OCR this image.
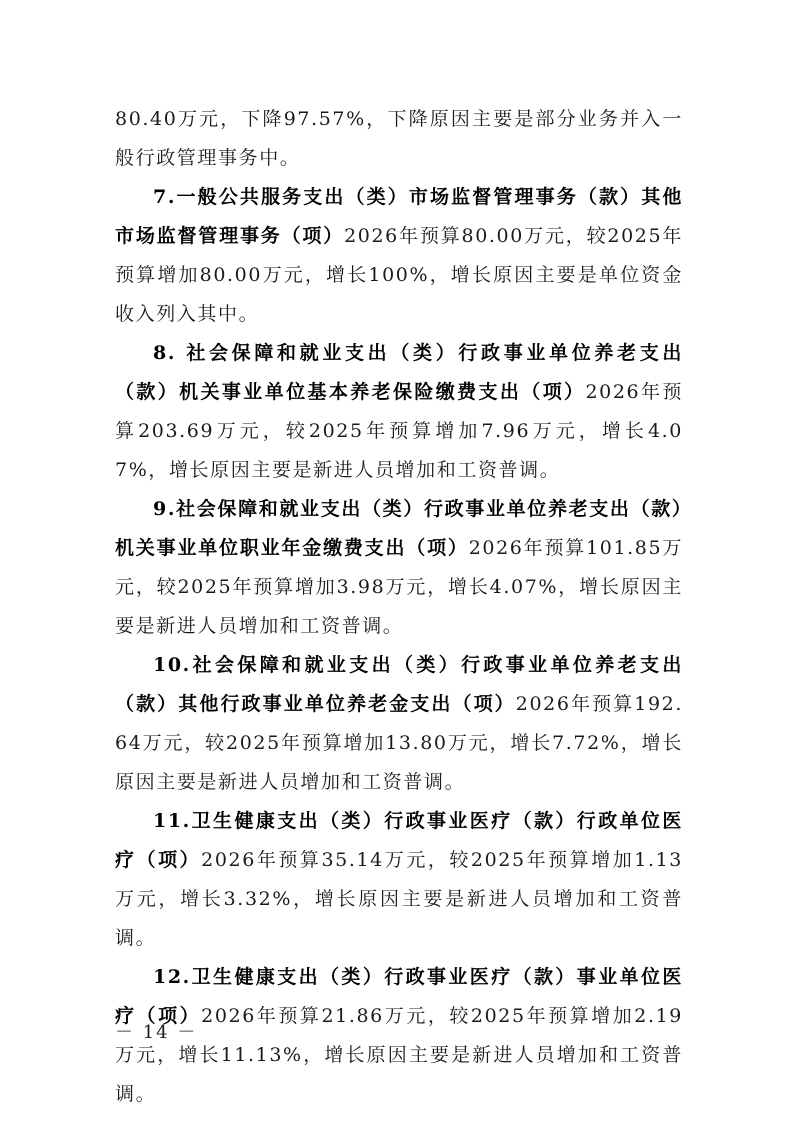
80.40万元，下降97.57%，下降原因主要是部分业务并入一般行政管理事务中。

7.一般公共服务支出（类）市场监督管理事务（款）其他市场监督管理事务（项）2026年预算80.00万元，较2025年预算增加80.00万元，增长100%，增长原因主要是单位资金收入列入其中。

8. 社会保障和就业支出（类）行政事业单位养老支出（款）机关事业单位基本养老保险缴费支出（项）2026年预算203.69万元，较2025年预算增加7.96万元，增长4.07%，增长原因主要是新进人员增加和工资普调。

9.社会保障和就业支出（类）行政事业单位养老支出（款）机关事业单位职业年金缴费支出（项）2026年预算101.85万元，较2025年预算增加3.98万元，增长4.07%，增长原因主要是新进人员增加和工资普调。

10.社会保障和就业支出（类）行政事业单位养老支出（款）其他行政事业单位养老金支出（项）2026年预算192.64万元，较2025年预算增加13.80万元，增长7.72%，增长原因主要是新进人员增加和工资普调。

11.卫生健康支出（类）行政事业医疗（款）行政单位医疗（项）2026年预算35.14万元，较2025年预算增加1.13万元，增长3.32%，增长原因主要是新进人员增加和工资普调。

12.卫生健康支出（类）行政事业医疗（款）事业单位医疗（项）2026年预算21.86万元，较2025年预算增加2.19万元，增长11.13%，增长原因主要是新进人员增加和工资普调。

－ 14 －
